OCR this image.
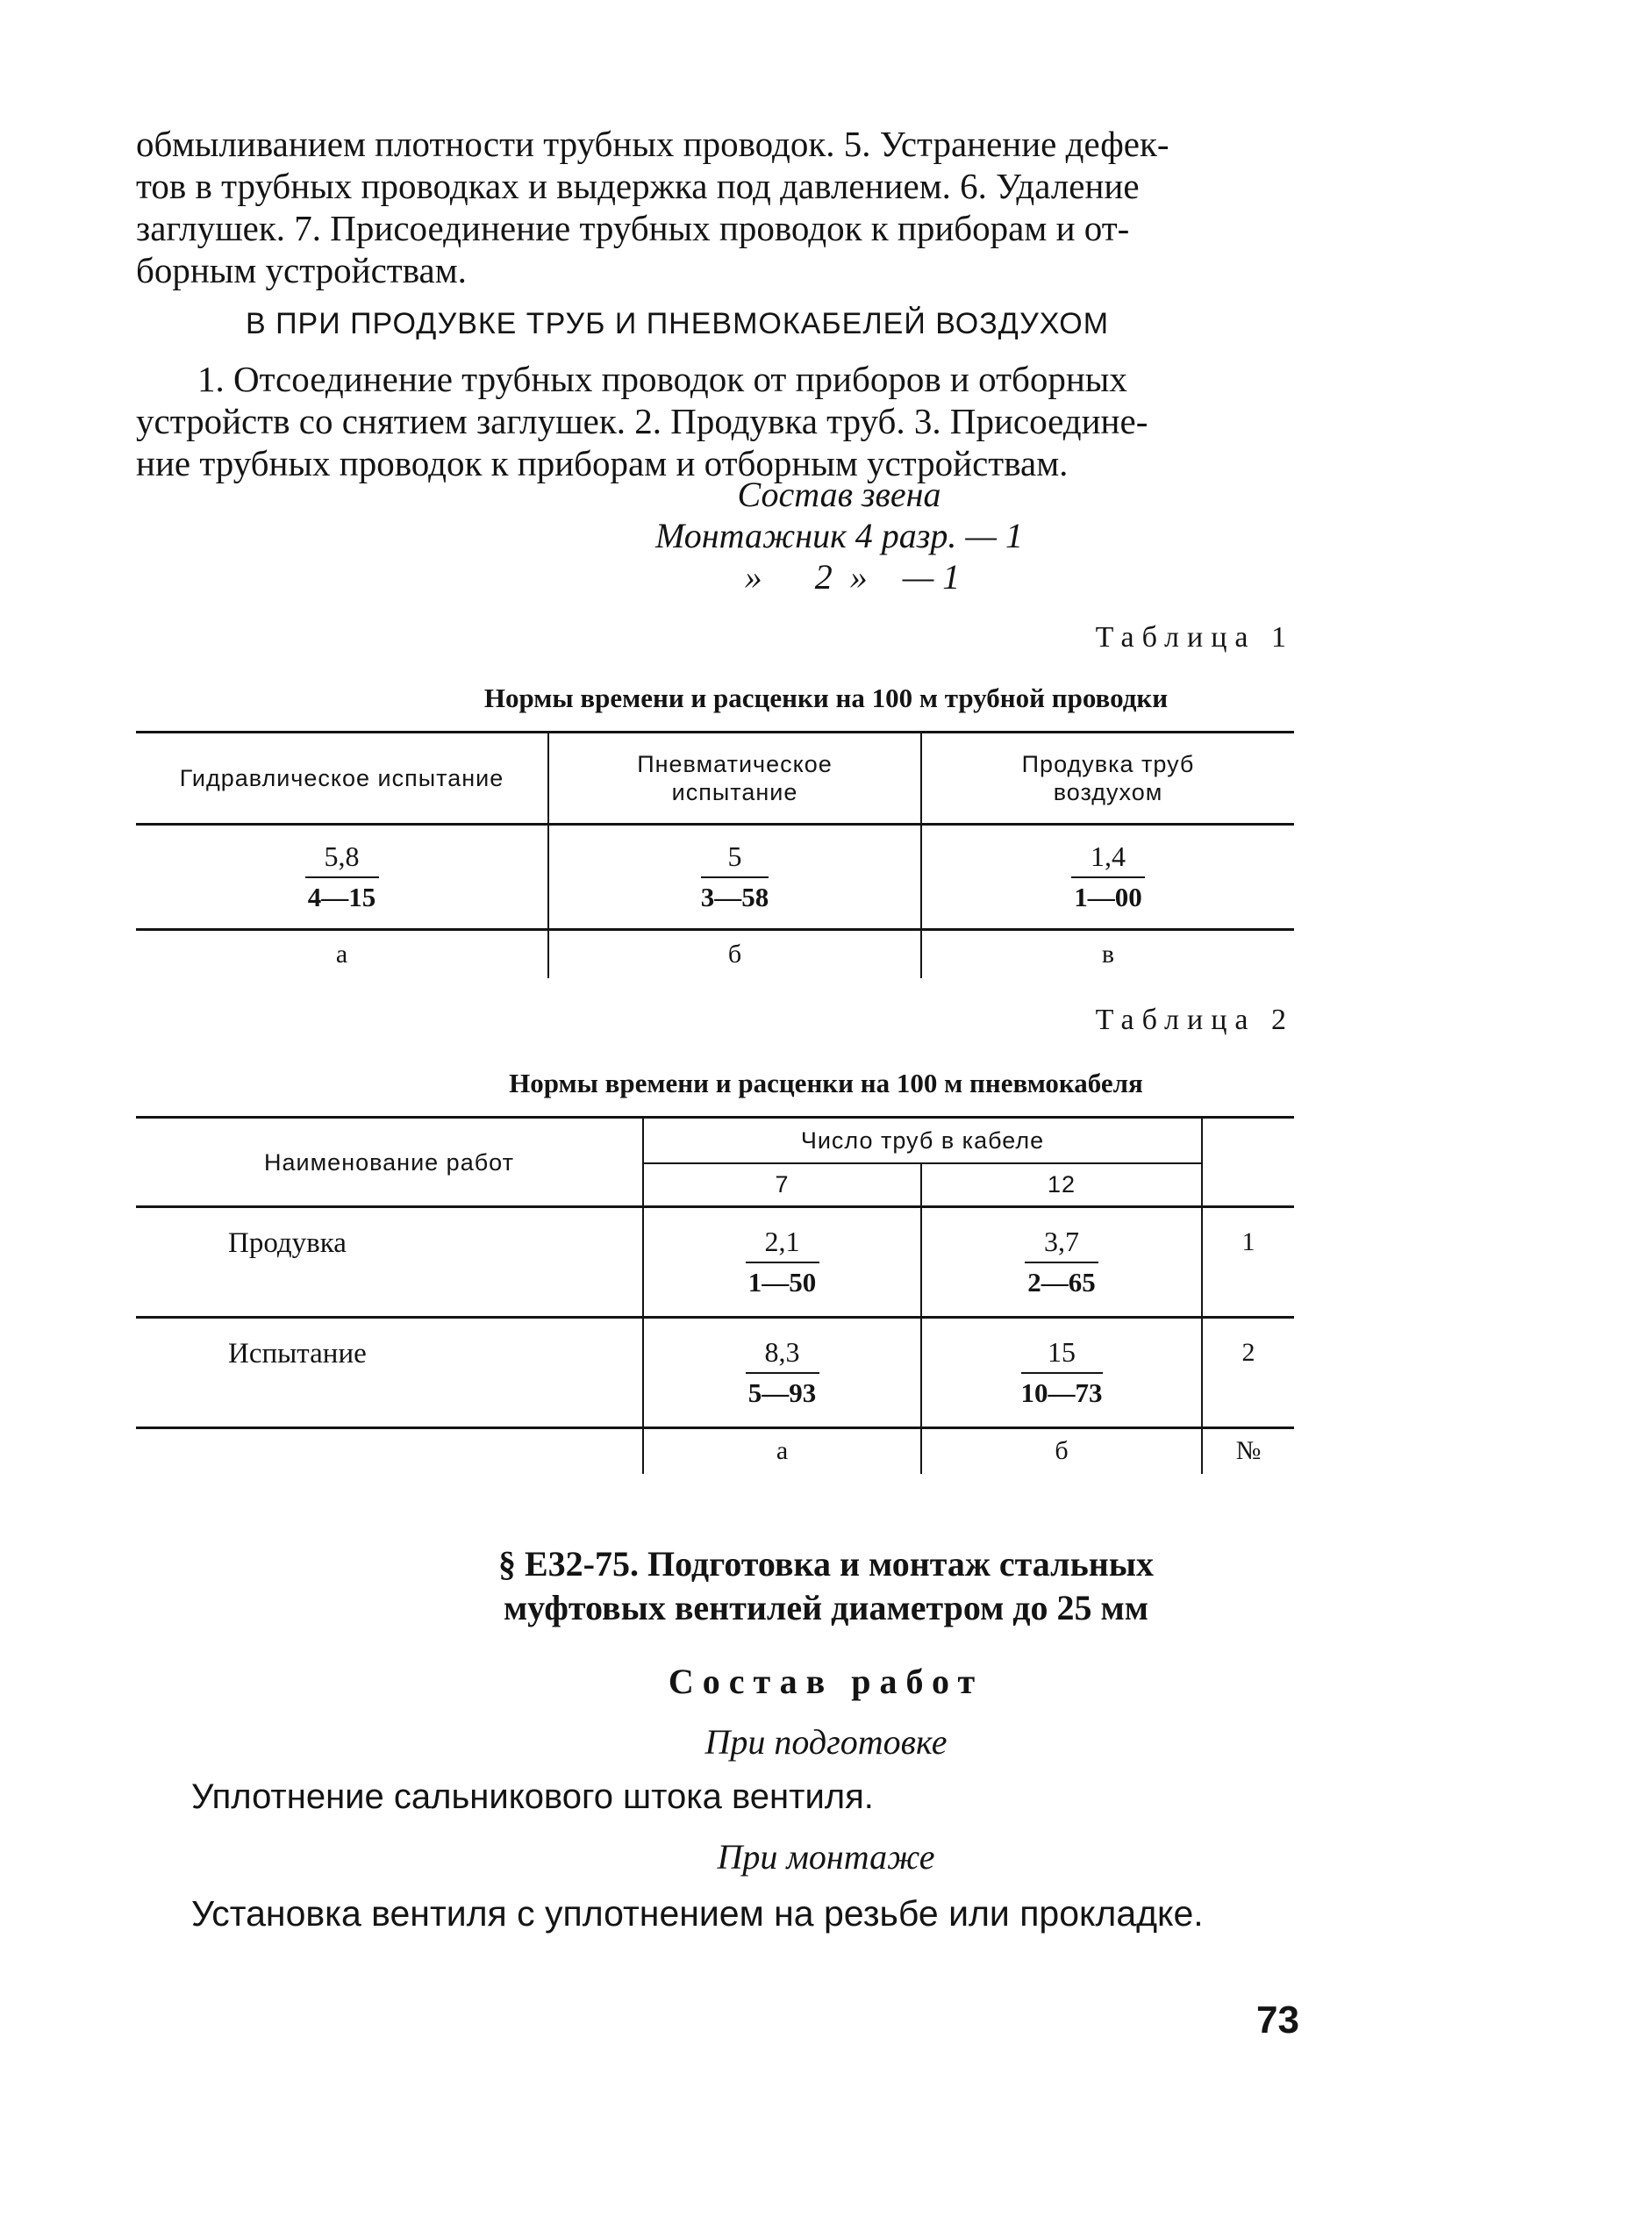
обмыливанием плотности трубных проводок. 5. Устранение дефек-
тов в трубных проводках и выдержка под давлением. 6. Удаление
заглушек. 7. Присоединение трубных проводок к приборам и от-
борным устройствам.
В ПРИ ПРОДУВКЕ ТРУБ И ПНЕВМОКАБЕЛЕЙ ВОЗДУХОМ
1. Отсоединение трубных проводок от приборов и отборных
устройств со снятием заглушек. 2. Продувка труб. 3. Присоедине-
ние трубных проводок к приборам и отборным устройствам.
Состав звена
Монтажник 4 разр. — 1
»      2  »    — 1
Таблица 1
Нормы времени и расценки на 100 м трубной проводки
Гидравлическое испытание	Пневматическое испытание	Продувка труб воздухом

$\frac{5,8}{4—15}$	$\frac{5}{3—58}$	$\frac{1,4}{1—00}$

а	б	в
Таблица 2
Нормы времени и расценки на 100 м пневмокабеля
Наименование работ	Число труб в кабеле		
	7	12	
Продувка	$\frac{2,1}{1—50}$	$\frac{3,7}{2—65}$	1
Испытание	$\frac{8,3}{5—93}$	$\frac{15}{10—73}$	2
	а	б	№
§ Е32-75. Подготовка и монтаж стальных
муфтовых вентилей диаметром до 25 мм
Состав работ
При подготовке
Уплотнение сальникового штока вентиля.
При монтаже
Установка вентиля с уплотнением на резьбе или прокладке.
73
